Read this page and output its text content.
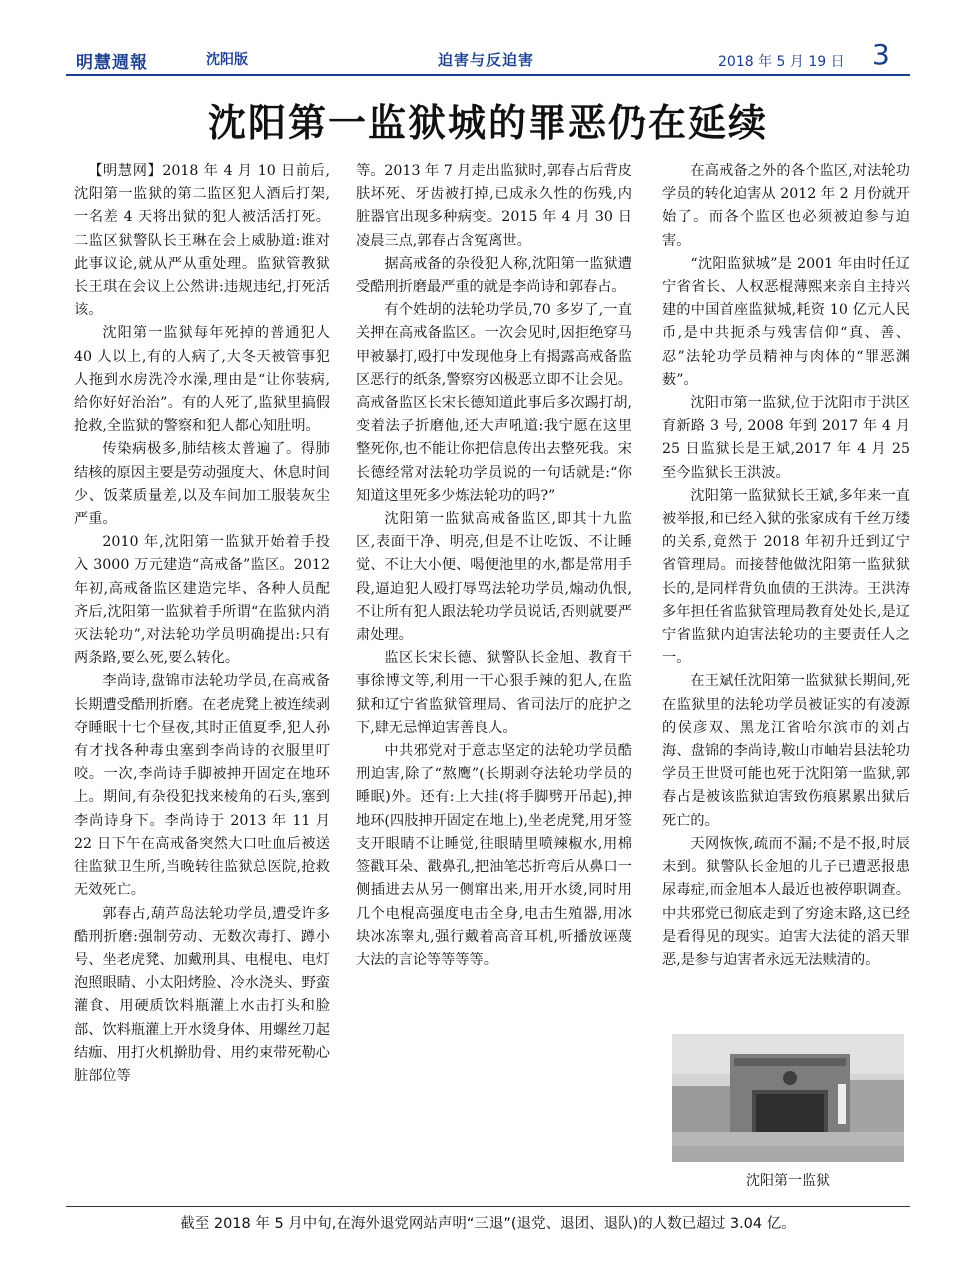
明慧週報	沈阳版	迫害与反迫害	2018 年 5 月 19 日 3
沈阳第一监狱城的罪恶仍在延续

【明慧网】2018 年 4 月 10 日前后,沈阳第一监狱的第二监区犯人酒后打架,一名差 4 天将出狱的犯人被活活打死。二监区狱警队长王琳在会上威胁道:谁对此事议论,就从严从重处理。监狱管教狱长王琪在会议上公然讲:违规违纪,打死活该。

沈阳第一监狱每年死掉的普通犯人 40 人以上,有的人病了,大冬天被管事犯人拖到水房洗冷水澡,理由是“让你装病,给你好好治治”。有的人死了,监狱里搞假抢救,全监狱的警察和犯人都心知肚明。

传染病极多,肺结核太普遍了。得肺结核的原因主要是劳动强度大、休息时间少、饭菜质量差,以及车间加工服装灰尘严重。

2010 年,沈阳第一监狱开始着手投入 3000 万元建造“高戒备”监区。2012 年初,高戒备监区建造完毕、各种人员配齐后,沈阳第一监狱着手所谓“在监狱内消灭法轮功”,对法轮功学员明确提出:只有两条路,要么死,要么转化。

李尚诗,盘锦市法轮功学员,在高戒备长期遭受酷刑折磨。在老虎凳上被连续剥夺睡眠十七个昼夜,其时正值夏季,犯人孙有才找各种毒虫塞到李尚诗的衣服里叮咬。一次,李尚诗手脚被抻开固定在地环上。期间,有杂役犯找来棱角的石头,塞到李尚诗身下。李尚诗于 2013 年 11 月 22 日下午在高戒备突然大口吐血后被送往监狱卫生所,当晚转往监狱总医院,抢救无效死亡。

郭春占,葫芦岛法轮功学员,遭受许多酷刑折磨:强制劳动、无数次毒打、蹲小号、坐老虎凳、加戴刑具、电棍电、电灯泡照眼睛、小太阳烤脸、冷水浇头、野蛮灌食、用硬质饮料瓶灌上水击打头和脸部、饮料瓶灌上开水烫身体、用螺丝刀起结痂、用打火机擀肋骨、用约束带死勒心脏部位等

等。2013 年 7 月走出监狱时,郭春占后背皮肤坏死、牙齿被打掉,已成永久性的伤残,内脏器官出现多种病变。2015 年 4 月 30 日凌晨三点,郭春占含冤离世。

据高戒备的杂役犯人称,沈阳第一监狱遭受酷刑折磨最严重的就是李尚诗和郭春占。

有个姓胡的法轮功学员,70 多岁了,一直关押在高戒备监区。一次会见时,因拒绝穿马甲被暴打,殴打中发现他身上有揭露高戒备监区恶行的纸条,警察穷凶极恶立即不让会见。高戒备监区长宋长德知道此事后多次踢打胡,变着法子折磨他,还大声吼道:我宁愿在这里整死你,也不能让你把信息传出去整死我。宋长德经常对法轮功学员说的一句话就是:“你知道这里死多少炼法轮功的吗?”

沈阳第一监狱高戒备监区,即其十九监区,表面干净、明亮,但是不让吃饭、不让睡觉、不让大小便、喝便池里的水,都是常用手段,逼迫犯人殴打辱骂法轮功学员,煽动仇恨,不让所有犯人跟法轮功学员说话,否则就要严肃处理。

监区长宋长德、狱警队长金旭、教育干事徐博文等,利用一干心狠手辣的犯人,在监狱和辽宁省监狱管理局、省司法厅的庇护之下,肆无忌惮迫害善良人。

中共邪党对于意志坚定的法轮功学员酷刑迫害,除了“熬鹰”(长期剥夺法轮功学员的睡眠)外。还有:上大挂(将手脚劈开吊起),抻地环(四肢抻开固定在地上),坐老虎凳,用牙签支开眼睛不让睡觉,往眼睛里喷辣椒水,用棉签戳耳朵、戳鼻孔,把油笔芯折弯后从鼻口一侧插进去从另一侧窜出来,用开水烫,同时用几个电棍高强度电击全身,电击生殖器,用冰块冰冻睾丸,强行戴着高音耳机,听播放诬蔑大法的言论等等等等。

在高戒备之外的各个监区,对法轮功学员的转化迫害从 2012 年 2 月份就开始了。而各个监区也必须被迫参与迫害。

“沈阳监狱城”是 2001 年由时任辽宁省省长、人权恶棍薄熙来亲自主持兴建的中国首座监狱城,耗资 10 亿元人民币,是中共扼杀与残害信仰“真、善、忍”法轮功学员精神与肉体的“罪恶渊薮”。

沈阳市第一监狱,位于沈阳市于洪区育新路 3 号, 2008 年到 2017 年 4 月 25 日监狱长是王斌,2017 年 4 月 25 至今监狱长王洪波。

沈阳第一监狱狱长王斌,多年来一直被举报,和已经入狱的张家成有千丝万缕的关系,竟然于 2018 年初升迁到辽宁省管理局。而接替他做沈阳第一监狱狱长的,是同样背负血债的王洪涛。王洪涛多年担任省监狱管理局教育处处长,是辽宁省监狱内迫害法轮功的主要责任人之一。

在王斌任沈阳第一监狱狱长期间,死在监狱里的法轮功学员被证实的有凌源的侯彦双、黑龙江省哈尔滨市的刘占海、盘锦的李尚诗,鞍山市岫岩县法轮功学员王世贤可能也死于沈阳第一监狱,郭春占是被该监狱迫害致伤痕累累出狱后死亡的。

天网恢恢,疏而不漏;不是不报,时辰未到。狱警队长金旭的儿子已遭恶报患尿毒症,而金旭本人最近也被停职调查。中共邪党已彻底走到了穷途末路,这已经是看得见的现实。迫害大法徒的滔天罪恶,是参与迫害者永远无法赎清的。

沈阳第一监狱
截至 2018 年 5 月中旬,在海外退党网站声明“三退”(退党、退团、退队)的人数已超过 3.04 亿。
